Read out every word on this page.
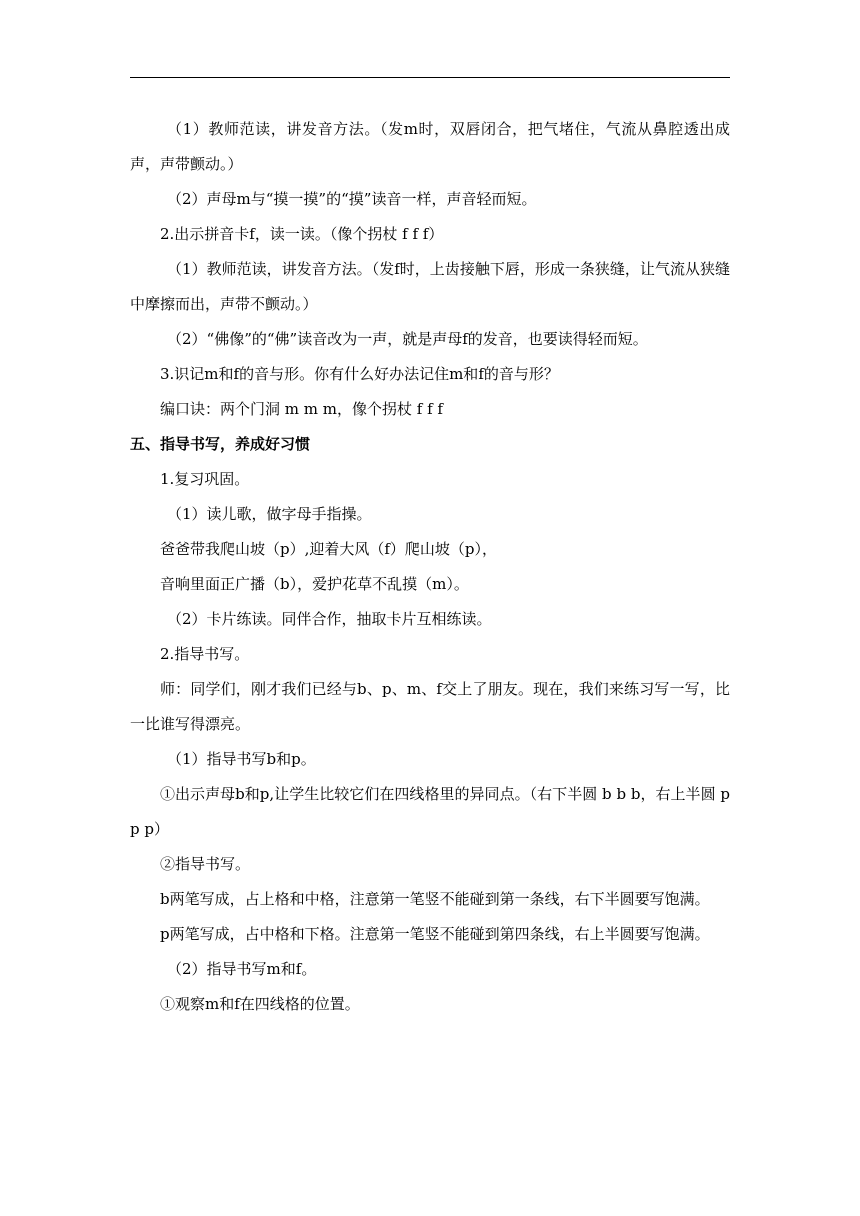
（1）教师范读，讲发音方法。（发m时，双唇闭合，把气堵住，气流从鼻腔透出成声，声带颤动。）

（2）声母m与“摸一摸”的“摸”读音一样，声音轻而短。

2.出示拼音卡f，读一读。（像个拐杖 f f f）

（1）教师范读，讲发音方法。（发f时，上齿接触下唇，形成一条狭缝，让气流从狭缝中摩擦而出，声带不颤动。）

（2）“佛像”的“佛”读音改为一声，就是声母f的发音，也要读得轻而短。

3.识记m和f的音与形。你有什么好办法记住m和f的音与形？

编口诀：两个门洞 m m m，像个拐杖 f f f

五、指导书写，养成好习惯

1.复习巩固。

（1）读儿歌，做字母手指操。

爸爸带我爬山坡（p）,迎着大风（f）爬山坡（p），

音响里面正广播（b），爱护花草不乱摸（m）。

（2）卡片练读。同伴合作，抽取卡片互相练读。

2.指导书写。

师：同学们，刚才我们已经与b、p、m、f交上了朋友。现在，我们来练习写一写，比一比谁写得漂亮。

（1）指导书写b和p。

①出示声母b和p,让学生比较它们在四线格里的异同点。（右下半圆 b b b，右上半圆 p p p）

②指导书写。

b两笔写成，占上格和中格，注意第一笔竖不能碰到第一条线，右下半圆要写饱满。

p两笔写成，占中格和下格。注意第一笔竖不能碰到第四条线，右上半圆要写饱满。

（2）指导书写m和f。

①观察m和f在四线格的位置。
